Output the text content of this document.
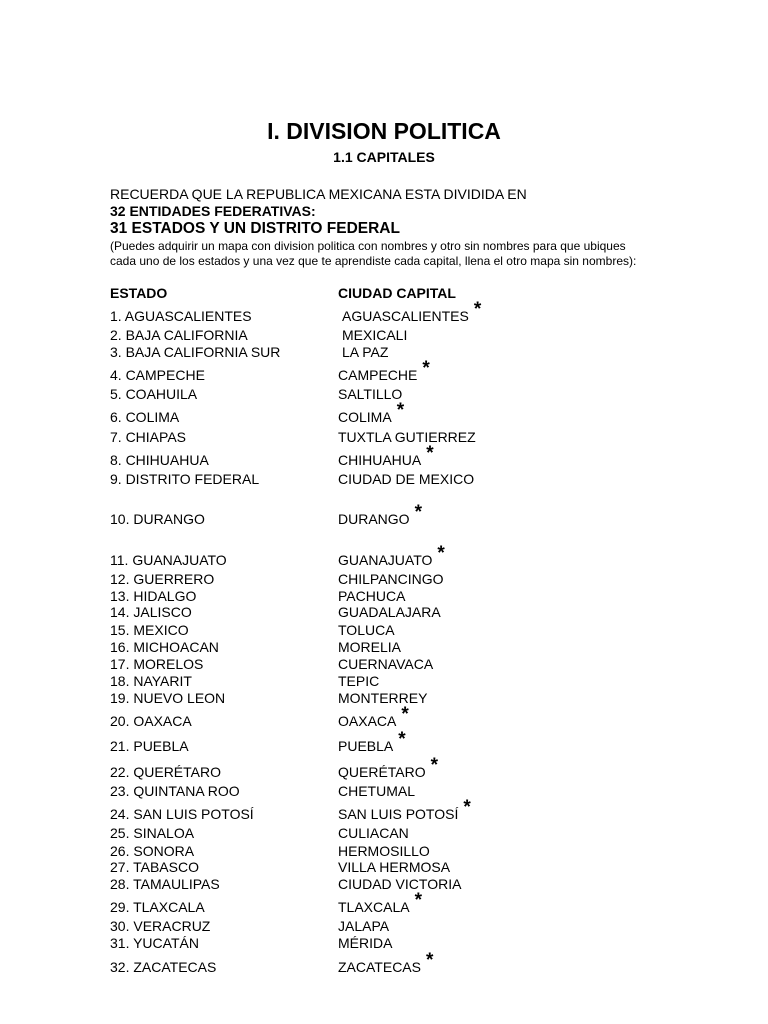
I. DIVISION POLITICA
1.1 CAPITALES
RECUERDA QUE LA REPUBLICA MEXICANA ESTA DIVIDIDA EN
32 ENTIDADES FEDERATIVAS:
31 ESTADOS Y UN DISTRITO FEDERAL
(Puedes adquirir un mapa con division politica con nombres y otro sin nombres para que ubiques
cada uno de los estados y una vez que te aprendiste cada capital, llena el otro mapa sin nombres):
ESTADO	CIUDAD CAPITAL
1. AGUASCALIENTES	AGUASCALIENTES *
2. BAJA CALIFORNIA	MEXICALI
3. BAJA CALIFORNIA SUR	LA PAZ
4. CAMPECHE	CAMPECHE *
5. COAHUILA	SALTILLO
6. COLIMA	COLIMA *
7. CHIAPAS	TUXTLA GUTIERREZ
8. CHIHUAHUA	CHIHUAHUA *
9. DISTRITO FEDERAL	CIUDAD DE MEXICO
10. DURANGO	DURANGO *
11. GUANAJUATO	GUANAJUATO *
12. GUERRERO	CHILPANCINGO
13. HIDALGO	PACHUCA
14. JALISCO	GUADALAJARA
15. MEXICO	TOLUCA
16. MICHOACAN	MORELIA
17. MORELOS	CUERNAVACA
18. NAYARIT	TEPIC
19. NUEVO LEON	MONTERREY
20. OAXACA	OAXACA *
21. PUEBLA	PUEBLA *
22. QUERÉTARO	QUERÉTARO *
23. QUINTANA ROO	CHETUMAL
24. SAN LUIS POTOSÍ	SAN LUIS POTOSÍ *
25. SINALOA	CULIACAN
26. SONORA	HERMOSILLO
27. TABASCO	VILLA HERMOSA
28. TAMAULIPAS	CIUDAD VICTORIA
29. TLAXCALA	TLAXCALA *
30. VERACRUZ	JALAPA
31. YUCATÁN	MÉRIDA
32. ZACATECAS	ZACATECAS *
